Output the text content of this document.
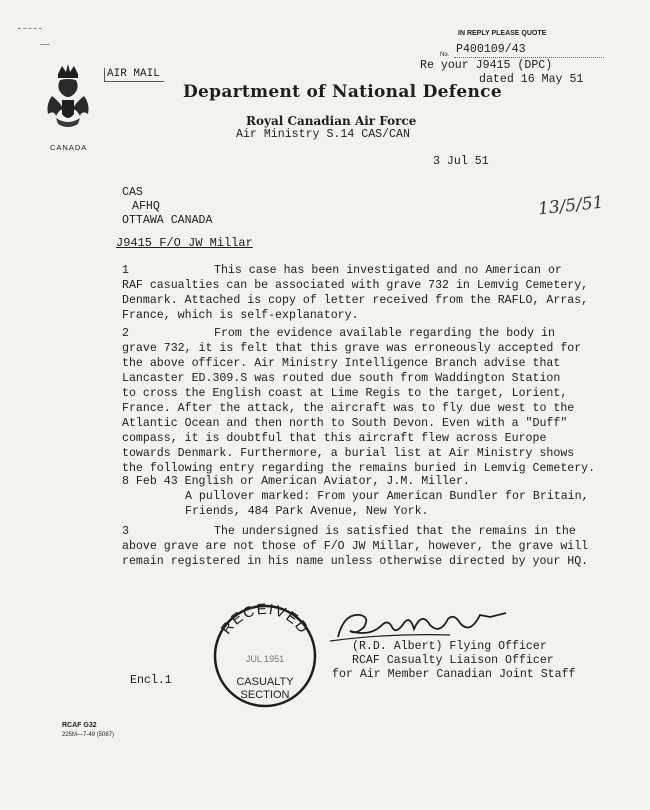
CANADA
AIR MAIL
IN REPLY PLEASE QUOTE
No. P400109/43
Re your J9415 (DPC)
dated 16 May 51
Department of National Defence
Royal Canadian Air Force
Air Ministry S.14 CAS/CAN
3 Jul 51
CAS
AFHQ
OTTAWA CANADA
13/5/51
J9415 F/O JW Millar
1	This case has been investigated and no American or
RAF casualties can be associated with grave 732 in Lemvig Cemetery,
Denmark. Attached is copy of letter received from the RAFLO, Arras,
France, which is self-explanatory.
2	From the evidence available regarding the body in
grave 732, it is felt that this grave was erroneously accepted for
the above officer. Air Ministry Intelligence Branch advise that
Lancaster ED.309.S was routed due south from Waddington Station
to cross the English coast at Lime Regis to the target, Lorient,
France. After the attack, the aircraft was to fly due west to the
Atlantic Ocean and then north to South Devon. Even with a "Duff"
compass, it is doubtful that this aircraft flew across Europe
towards Denmark. Furthermore, a burial list at Air Ministry shows
the following entry regarding the remains buried in Lemvig Cemetery.
8 Feb 43 English or American Aviator, J.M. Miller.
A pullover marked: From your American Bundler for Britain,
Friends, 484 Park Avenue, New York.
3	The undersigned is satisfied that the remains in the
above grave are not those of F/O JW Millar, however, the grave will
remain registered in his name unless otherwise directed by your HQ.
RECEIVED
JUL 1951
CASUALTY
SECTION
(R.D. Albert) Flying Officer
RCAF Casualty Liaison Officer
for Air Member Canadian Joint Staff
Encl.1
RCAF G32
225M—7-49 (5087)
